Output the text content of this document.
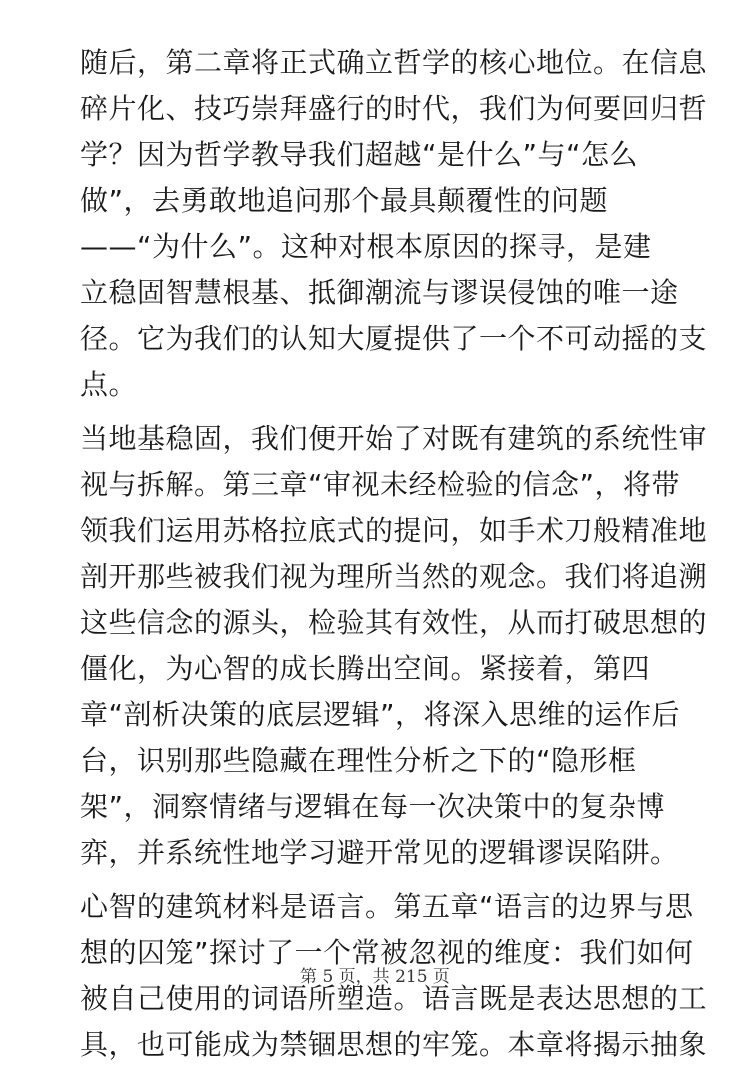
随后，第二章将正式确立哲学的核心地位。在信息
碎片化、技巧崇拜盛行的时代，我们为何要回归哲
学？因为哲学教导我们超越“是什么”与“怎么
做”，去勇敢地追问那个最具颠覆性的问题
——“为什么”。这种对根本原因的探寻，是建
立稳固智慧根基、抵御潮流与谬误侵蚀的唯一途
径。它为我们的认知大厦提供了一个不可动摇的支
点。
当地基稳固，我们便开始了对既有建筑的系统性审
视与拆解。第三章“审视未经检验的信念”，将带
领我们运用苏格拉底式的提问，如手术刀般精准地
剖开那些被我们视为理所当然的观念。我们将追溯
这些信念的源头，检验其有效性，从而打破思想的
僵化，为心智的成长腾出空间。紧接着，第四
章“剖析决策的底层逻辑”，将深入思维的运作后
台，识别那些隐藏在理性分析之下的“隐形框
架”，洞察情绪与逻辑在每一次决策中的复杂博
弈，并系统性地学习避开常见的逻辑谬误陷阱。
心智的建筑材料是语言。第五章“语言的边界与思
想的囚笼”探讨了一个常被忽视的维度：我们如何
被自己使用的词语所塑造。语言既是表达思想的工
具，也可能成为禁锢思想的牢笼。本章将揭示抽象
第 5 页，共 215 页
